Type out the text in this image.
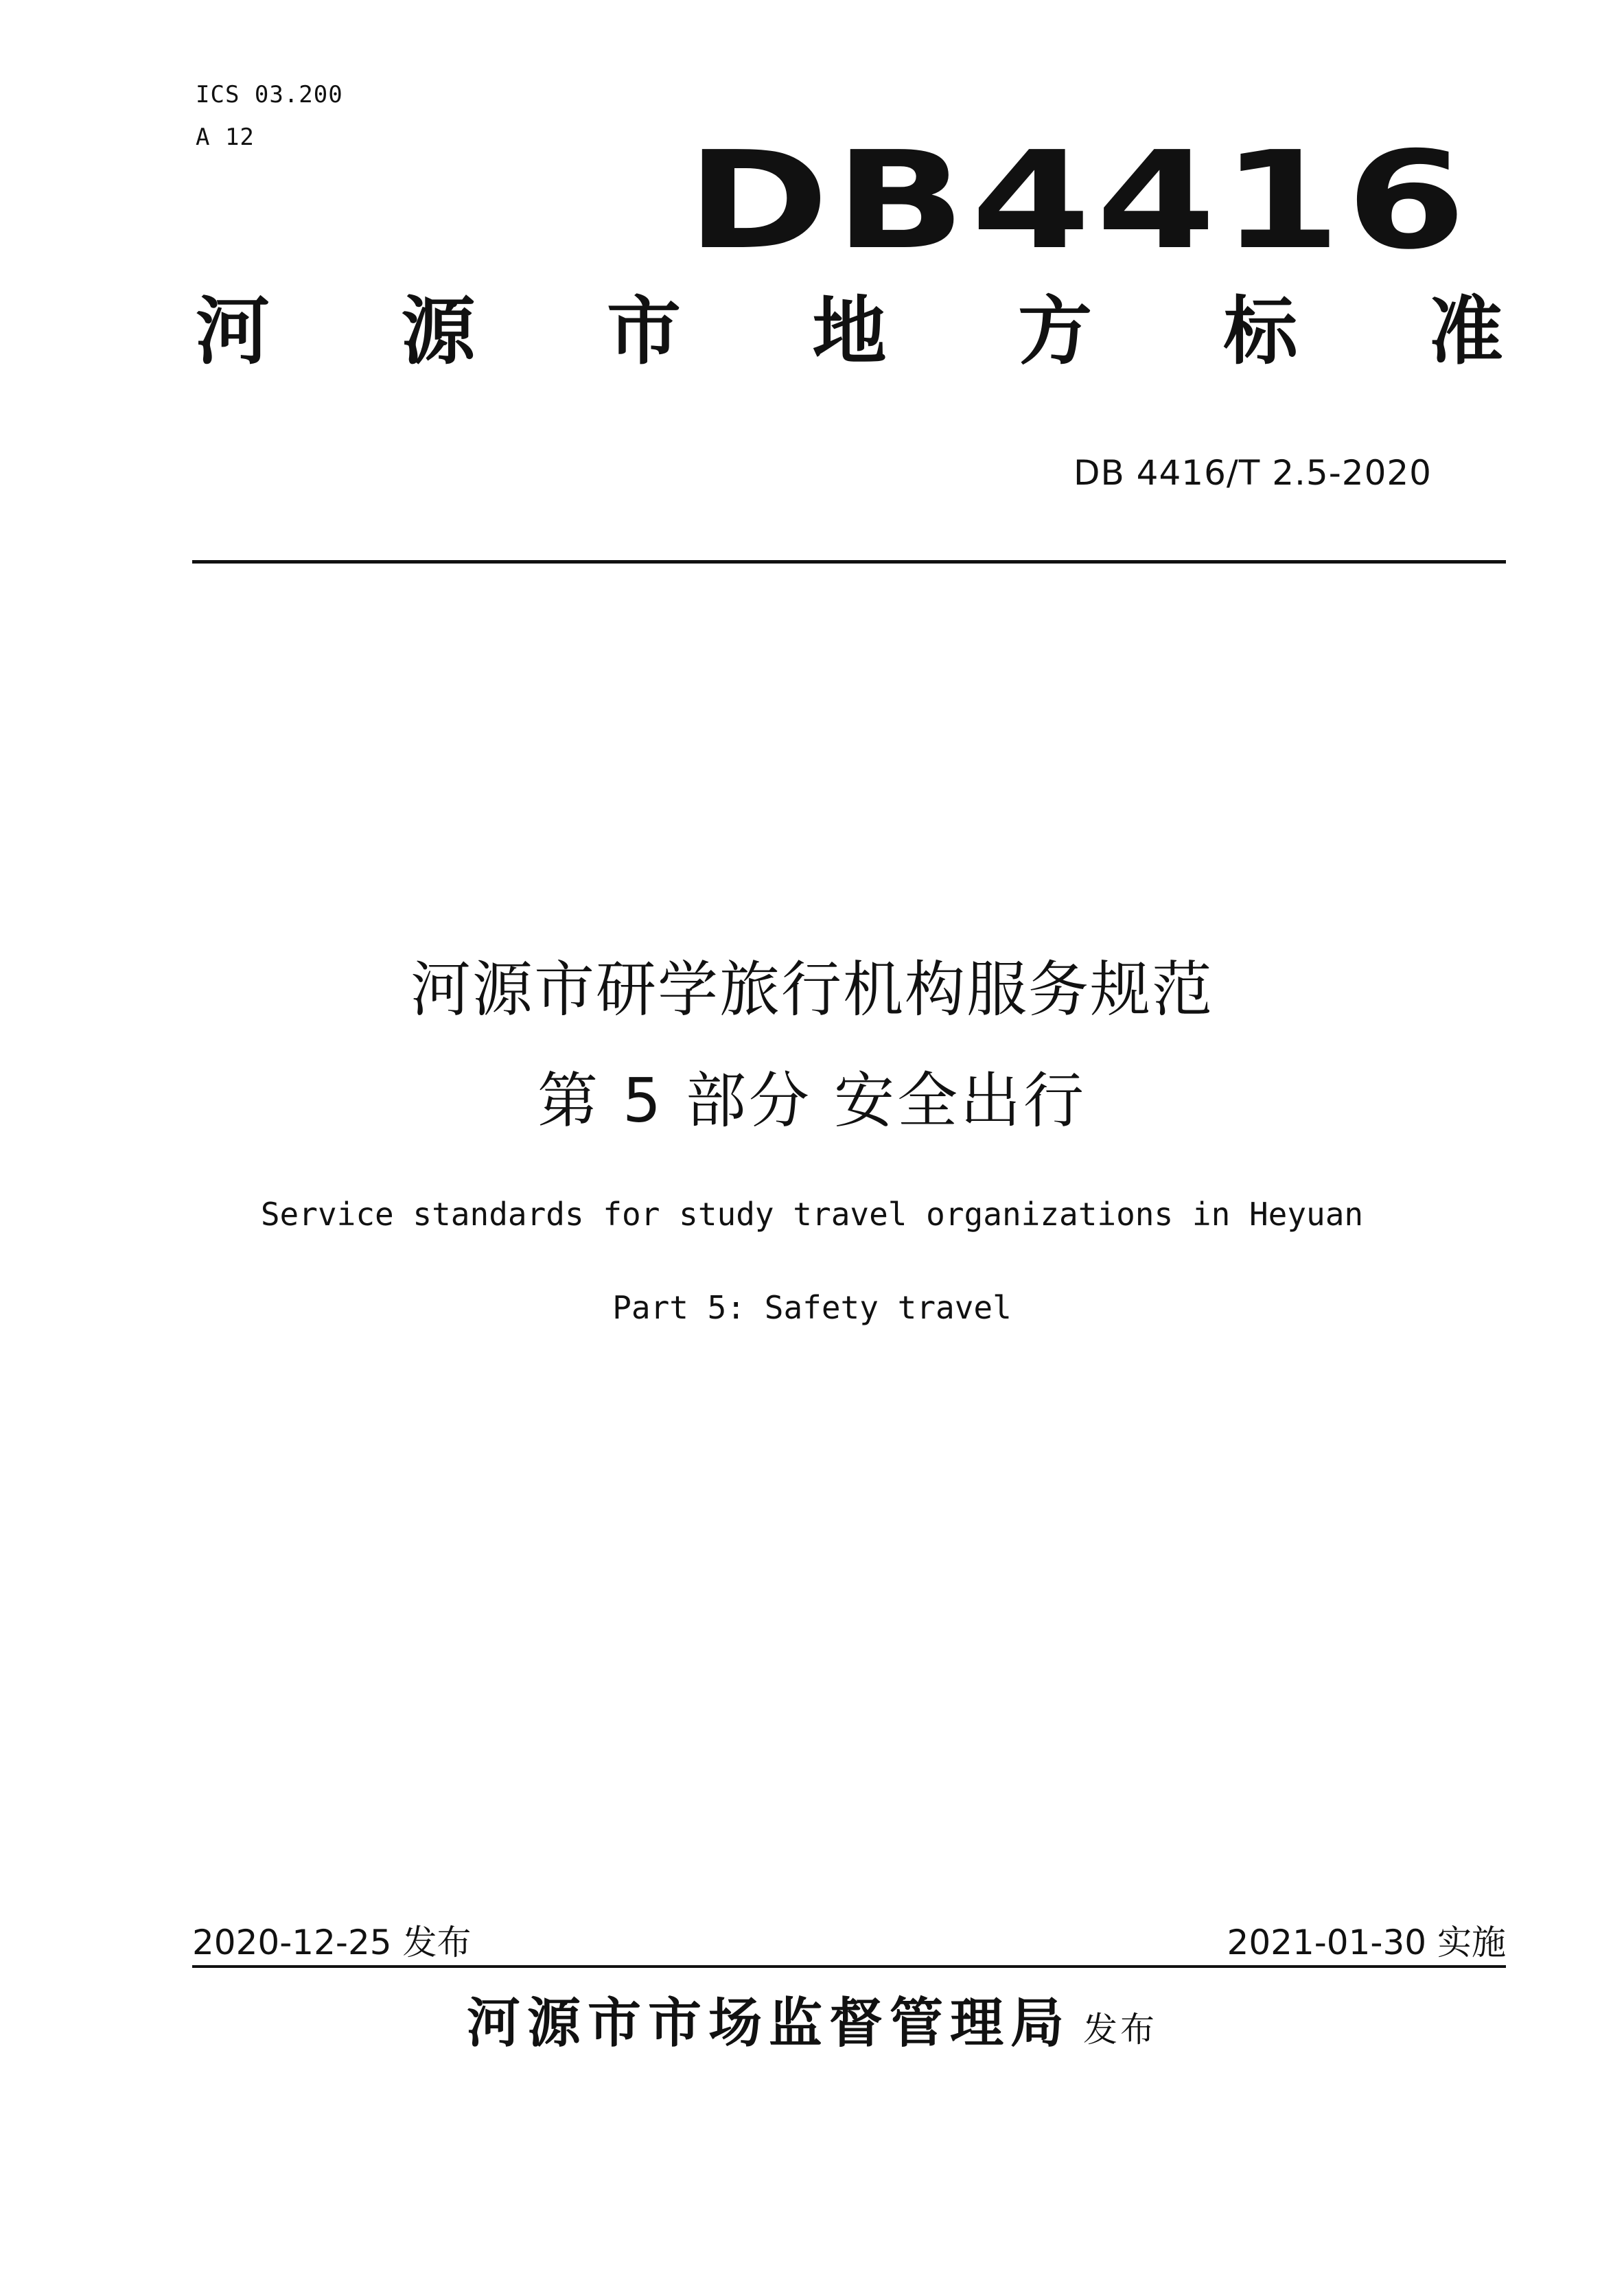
ICS 03.200
A 12	DB4416
河 源 市 地 方 标 准
DB 4416/T 2.5-2020
河源市研学旅行机构服务规范
第 5 部分 安全出行
Service standards for study travel organizations in Heyuan
Part 5: Safety travel
2020-12-25 发布	2021-01-30 实施
河源市市场监督管理局 发布
